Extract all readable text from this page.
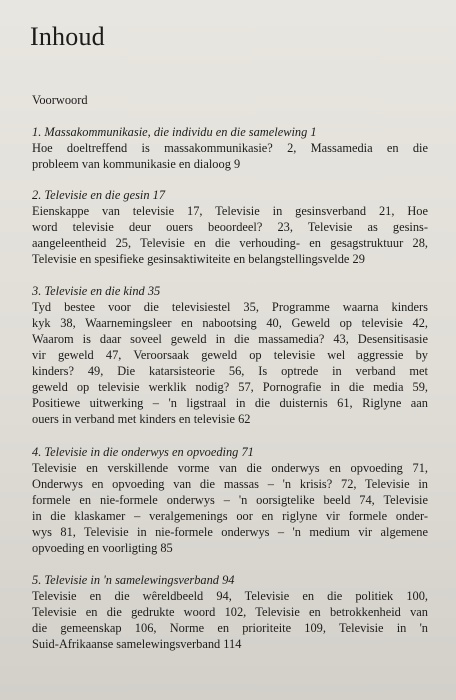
Inhoud
Voorwoord
1. Massakommunikasie, die individu en die samelewing 1
Hoe doeltreffend is massakommunikasie? 2, Massamedia en die
probleem van kommunikasie en dialoog 9
2. Televisie en die gesin 17
Eienskappe van televisie 17, Televisie in gesinsverband 21, Hoe
word televisie deur ouers beoordeel? 23, Televisie as gesins-
aangeleentheid 25, Televisie en die verhouding- en gesagstruktuur 28,
Televisie en spesifieke gesinsaktiwiteite en belangstellingsvelde 29
3. Televisie en die kind 35
Tyd bestee voor die televisiestel 35, Programme waarna kinders
kyk 38, Waarnemingsleer en nabootsing 40, Geweld op televisie 42,
Waarom is daar soveel geweld in die massamedia? 43, Desensitisasie
vir geweld 47, Veroorsaak geweld op televisie wel aggressie by
kinders? 49, Die katarsisteorie 56, Is optrede in verband met
geweld op televisie werklik nodig? 57, Pornografie in die media 59,
Positiewe uitwerking – 'n ligstraal in die duisternis 61, Riglyne aan
ouers in verband met kinders en televisie 62
4. Televisie in die onderwys en opvoeding 71
Televisie en verskillende vorme van die onderwys en opvoeding 71,
Onderwys en opvoeding van die massas – 'n krisis? 72, Televisie in
formele en nie-formele onderwys – 'n oorsigtelike beeld 74, Televisie
in die klaskamer – veralgemenings oor en riglyne vir formele onder-
wys 81, Televisie in nie-formele onderwys – 'n medium vir algemene
opvoeding en voorligting 85
5. Televisie in 'n samelewingsverband 94
Televisie en die wêreldbeeld 94, Televisie en die politiek 100,
Televisie en die gedrukte woord 102, Televisie en betrokkenheid van
die gemeenskap 106, Norme en prioriteite 109, Televisie in 'n
Suid-Afrikaanse samelewingsverband 114
